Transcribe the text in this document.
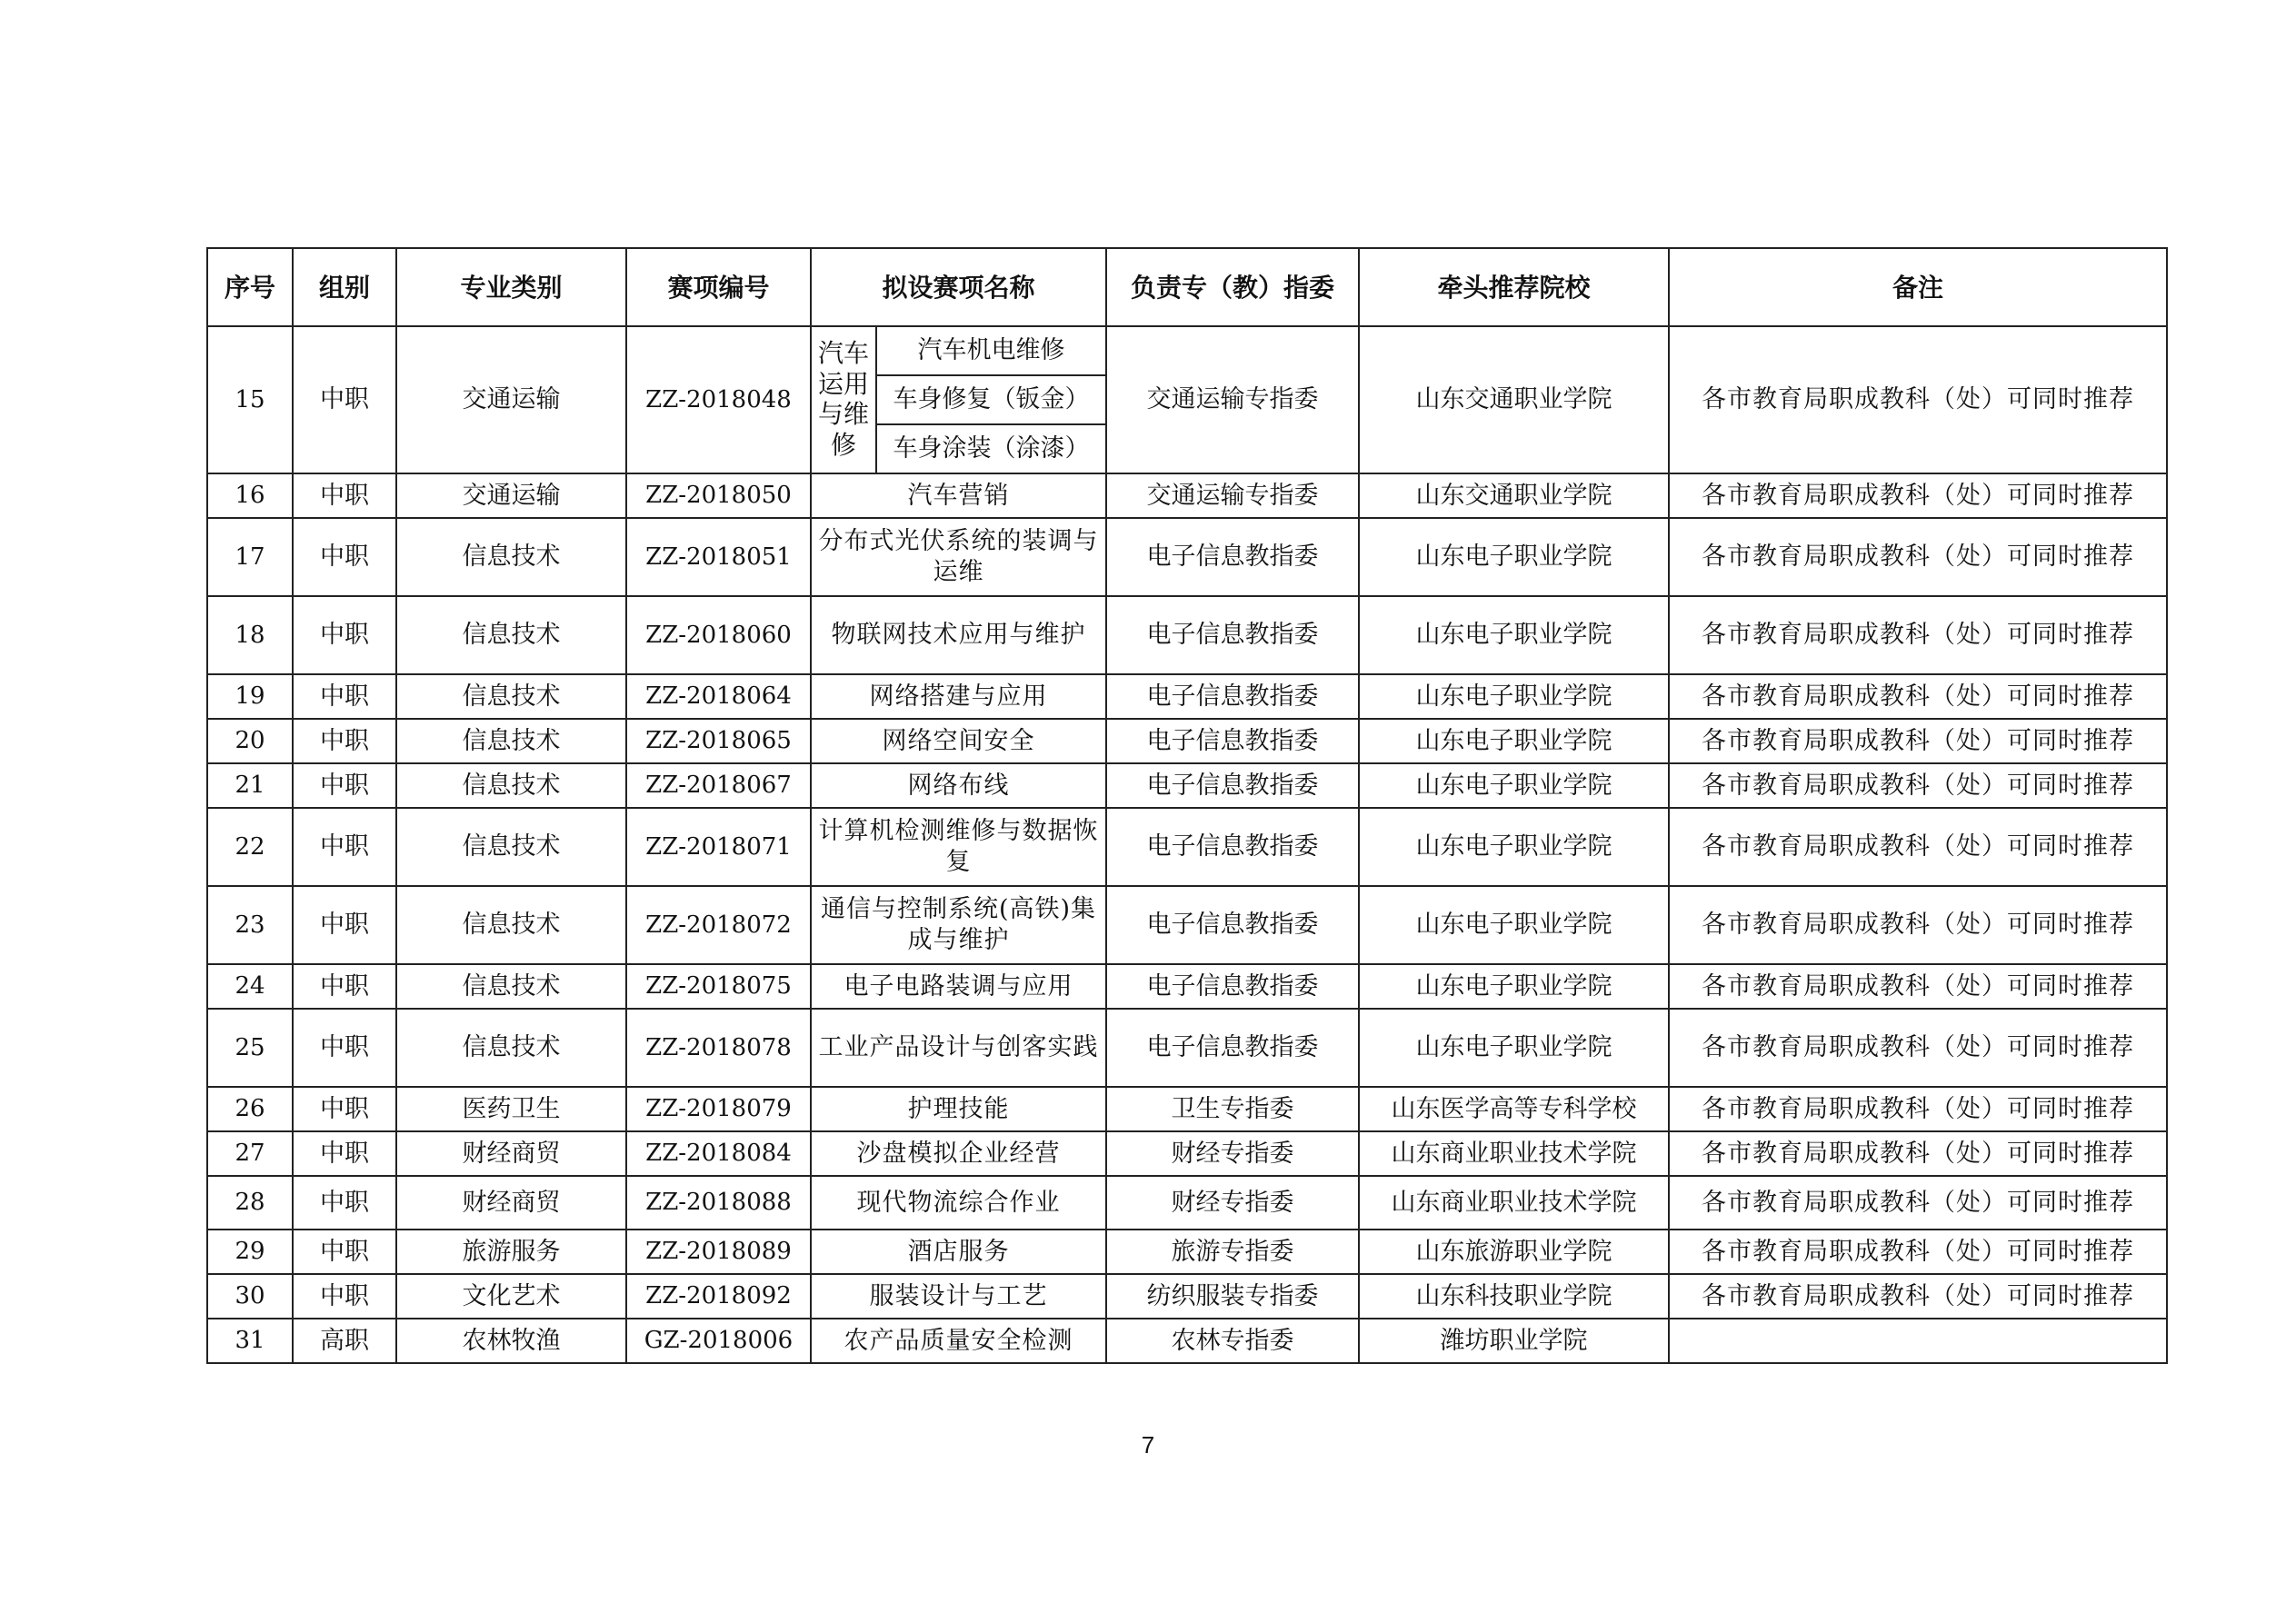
序号	组别	专业类别	赛项编号	拟设赛项名称		负责专（教）指委	牵头推荐院校	备注
15	中职	交通运输	ZZ-2018048	汽车运用与维修	汽车机电维修
车身修复（钣金）
车身涂装（涂漆）	交通运输专指委	山东交通职业学院	各市教育局职成教科（处）可同时推荐
16	中职	交通运输	ZZ-2018050	汽车营销		交通运输专指委	山东交通职业学院	各市教育局职成教科（处）可同时推荐
17	中职	信息技术	ZZ-2018051	分布式光伏系统的装调与运维		电子信息教指委	山东电子职业学院	各市教育局职成教科（处）可同时推荐
18	中职	信息技术	ZZ-2018060	物联网技术应用与维护		电子信息教指委	山东电子职业学院	各市教育局职成教科（处）可同时推荐
19	中职	信息技术	ZZ-2018064	网络搭建与应用		电子信息教指委	山东电子职业学院	各市教育局职成教科（处）可同时推荐
20	中职	信息技术	ZZ-2018065	网络空间安全		电子信息教指委	山东电子职业学院	各市教育局职成教科（处）可同时推荐
21	中职	信息技术	ZZ-2018067	网络布线		电子信息教指委	山东电子职业学院	各市教育局职成教科（处）可同时推荐
22	中职	信息技术	ZZ-2018071	计算机检测维修与数据恢复		电子信息教指委	山东电子职业学院	各市教育局职成教科（处）可同时推荐
23	中职	信息技术	ZZ-2018072	通信与控制系统(高铁)集成与维护		电子信息教指委	山东电子职业学院	各市教育局职成教科（处）可同时推荐
24	中职	信息技术	ZZ-2018075	电子电路装调与应用		电子信息教指委	山东电子职业学院	各市教育局职成教科（处）可同时推荐
25	中职	信息技术	ZZ-2018078	工业产品设计与创客实践		电子信息教指委	山东电子职业学院	各市教育局职成教科（处）可同时推荐
26	中职	医药卫生	ZZ-2018079	护理技能		卫生专指委	山东医学高等专科学校	各市教育局职成教科（处）可同时推荐
27	中职	财经商贸	ZZ-2018084	沙盘模拟企业经营		财经专指委	山东商业职业技术学院	各市教育局职成教科（处）可同时推荐
28	中职	财经商贸	ZZ-2018088	现代物流综合作业		财经专指委	山东商业职业技术学院	各市教育局职成教科（处）可同时推荐
29	中职	旅游服务	ZZ-2018089	酒店服务		旅游专指委	山东旅游职业学院	各市教育局职成教科（处）可同时推荐
30	中职	文化艺术	ZZ-2018092	服装设计与工艺		纺织服装专指委	山东科技职业学院	各市教育局职成教科（处）可同时推荐
31	高职	农林牧渔	GZ-2018006	农产品质量安全检测		农林专指委	潍坊职业学院	
7
